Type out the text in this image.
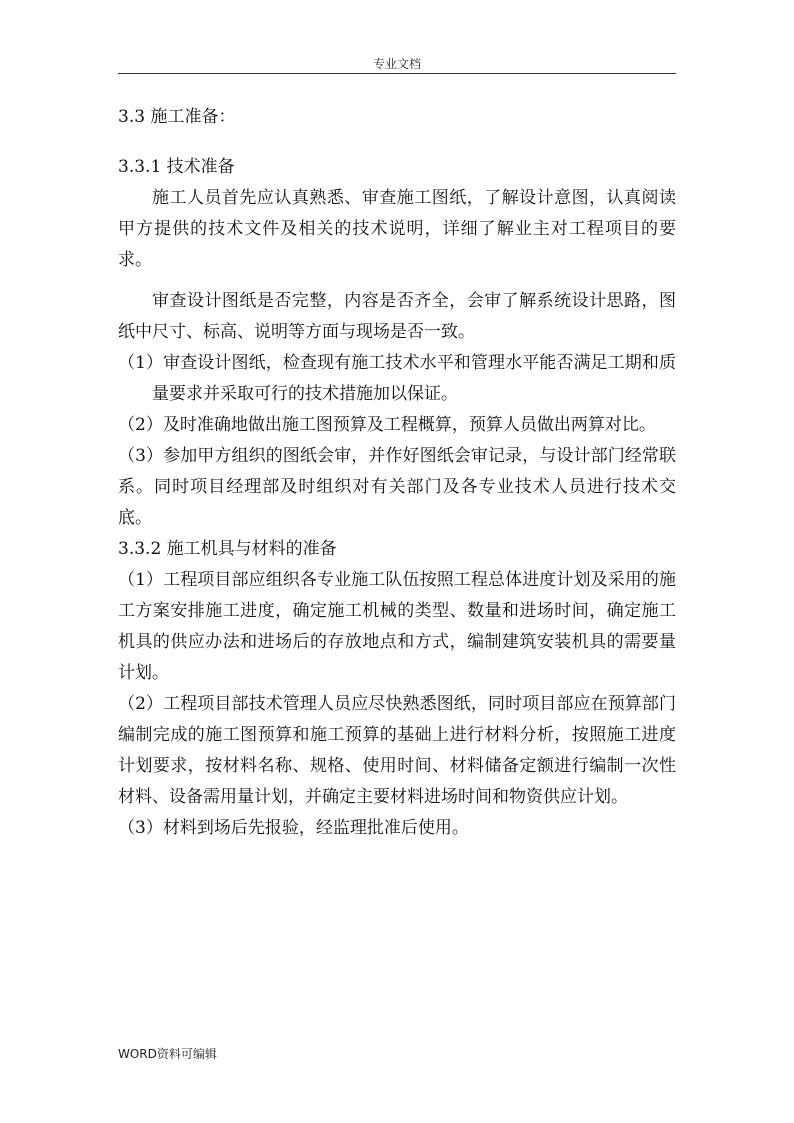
专业文档

3.3 施工准备：

3.3.1 技术准备

施工人员首先应认真熟悉、审查施工图纸，了解设计意图，认真阅读甲方提供的技术文件及相关的技术说明，详细了解业主对工程项目的要求。

审查设计图纸是否完整，内容是否齐全，会审了解系统设计思路，图纸中尺寸、标高、说明等方面与现场是否一致。

（1）审查设计图纸，检查现有施工技术水平和管理水平能否满足工期和质量要求并采取可行的技术措施加以保证。

（2）及时准确地做出施工图预算及工程概算，预算人员做出两算对比。

（3）参加甲方组织的图纸会审，并作好图纸会审记录，与设计部门经常联系。同时项目经理部及时组织对有关部门及各专业技术人员进行技术交底。

3.3.2 施工机具与材料的准备

（1）工程项目部应组织各专业施工队伍按照工程总体进度计划及采用的施工方案安排施工进度，确定施工机械的类型、数量和进场时间，确定施工机具的供应办法和进场后的存放地点和方式，编制建筑安装机具的需要量计划。

（2）工程项目部技术管理人员应尽快熟悉图纸，同时项目部应在预算部门编制完成的施工图预算和施工预算的基础上进行材料分析，按照施工进度计划要求，按材料名称、规格、使用时间、材料储备定额进行编制一次性材料、设备需用量计划，并确定主要材料进场时间和物资供应计划。

（3）材料到场后先报验，经监理批准后使用。

WORD资料可编辑
